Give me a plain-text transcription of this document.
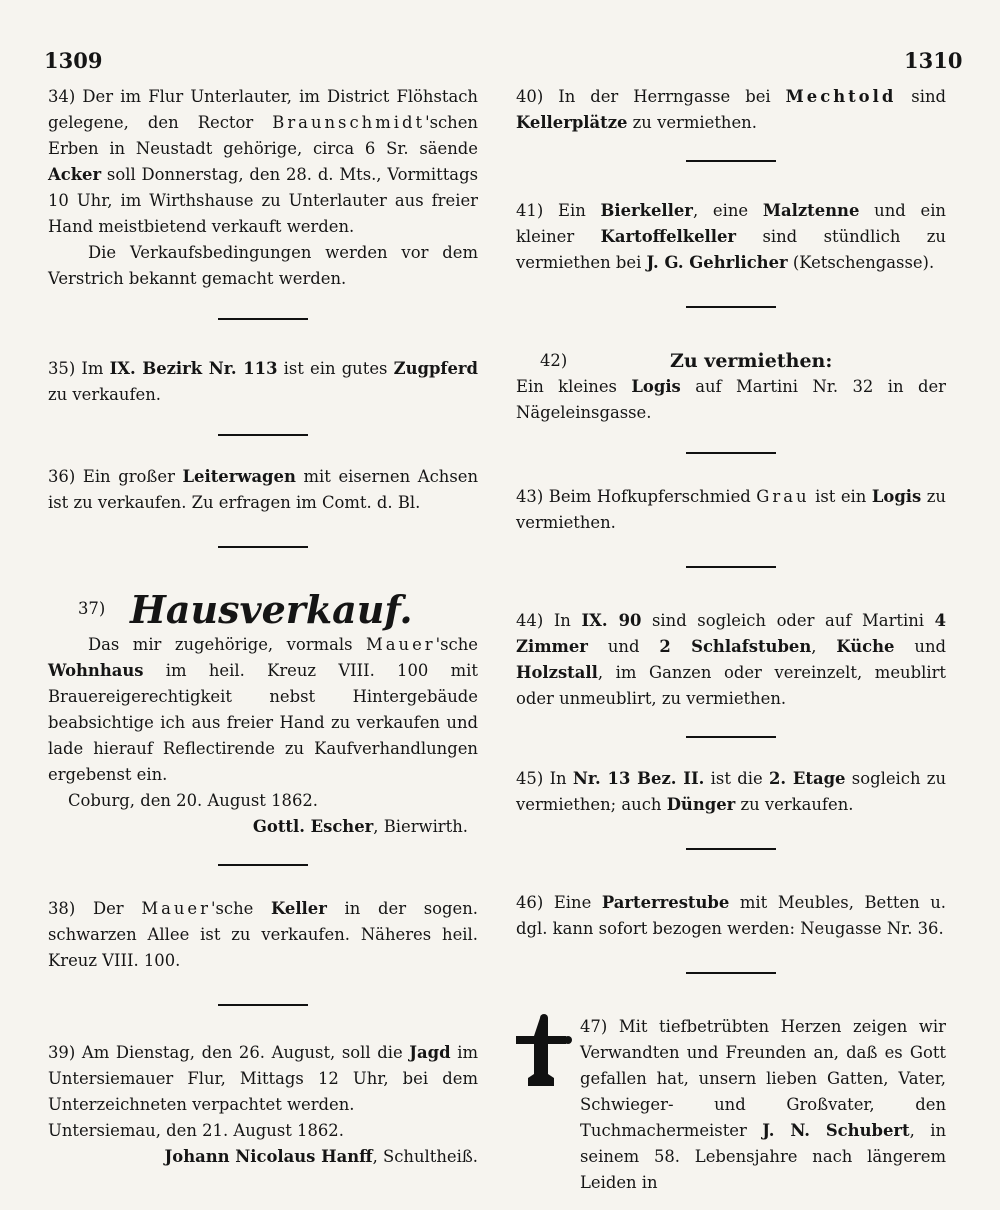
1309	1310

34) Der im Flur Unterlauter, im District Flöhstach gelegene, den Rector Braunschmidt'schen Erben in Neustadt gehörige, circa 6 Sr. säende Acker soll Donnerstag, den 28. d. Mts., Vormittags 10 Uhr, im Wirthshause zu Unterlauter aus freier Hand meistbietend verkauft werden.

Die Verkaufsbedingungen werden vor dem Verstrich bekannt gemacht werden.

35) Im IX. Bezirk Nr. 113 ist ein gutes Zugpferd zu verkaufen.

36) Ein großer Leiterwagen mit eisernen Achsen ist zu verkaufen. Zu erfragen im Comt. d. Bl.

37) Hausverkauf.

Das mir zugehörige, vormals Mauer'sche Wohnhaus im heil. Kreuz VIII. 100 mit Brauereigerechtigkeit nebst Hintergebäude beabsichtige ich aus freier Hand zu verkaufen und lade hierauf Reflectirende zu Kaufverhandlungen ergebenst ein.

Coburg, den 20. August 1862.

Gottl. Escher, Bierwirth.

38) Der Mauer'sche Keller in der sogen. schwarzen Allee ist zu verkaufen. Näheres heil. Kreuz VIII. 100.

39) Am Dienstag, den 26. August, soll die Jagd im Untersiemauer Flur, Mittags 12 Uhr, bei dem Unterzeichneten verpachtet werden.

Untersiemau, den 21. August 1862.

Johann Nicolaus Hanff, Schultheiß.

40) In der Herrngasse bei Mechtold sind Kellerplätze zu vermiethen.

41) Ein Bierkeller, eine Malztenne und ein kleiner Kartoffelkeller sind stündlich zu vermiethen bei J. G. Gehrlicher (Ketschengasse).

42)	Zu vermiethen:

Ein kleines Logis auf Martini Nr. 32 in der Nägeleinsgasse.

43) Beim Hofkupferschmied Grau ist ein Logis zu vermiethen.

44) In IX. 90 sind sogleich oder auf Martini 4 Zimmer und 2 Schlafstuben, Küche und Holzstall, im Ganzen oder vereinzelt, meublirt oder unmeublirt, zu vermiethen.

45) In Nr. 13 Bez. II. ist die 2. Etage sogleich zu vermiethen; auch Dünger zu verkaufen.

46) Eine Parterrestube mit Meubles, Betten u. dgl. kann sofort bezogen werden: Neugasse Nr. 36.

47) Mit tiefbetrübten Herzen zeigen wir Verwandten und Freunden an, daß es Gott gefallen hat, unsern lieben Gatten, Vater, Schwieger- und Großvater, den Tuchmachermeister J. N. Schubert, in seinem 58. Lebensjahre nach längerem Leiden in
